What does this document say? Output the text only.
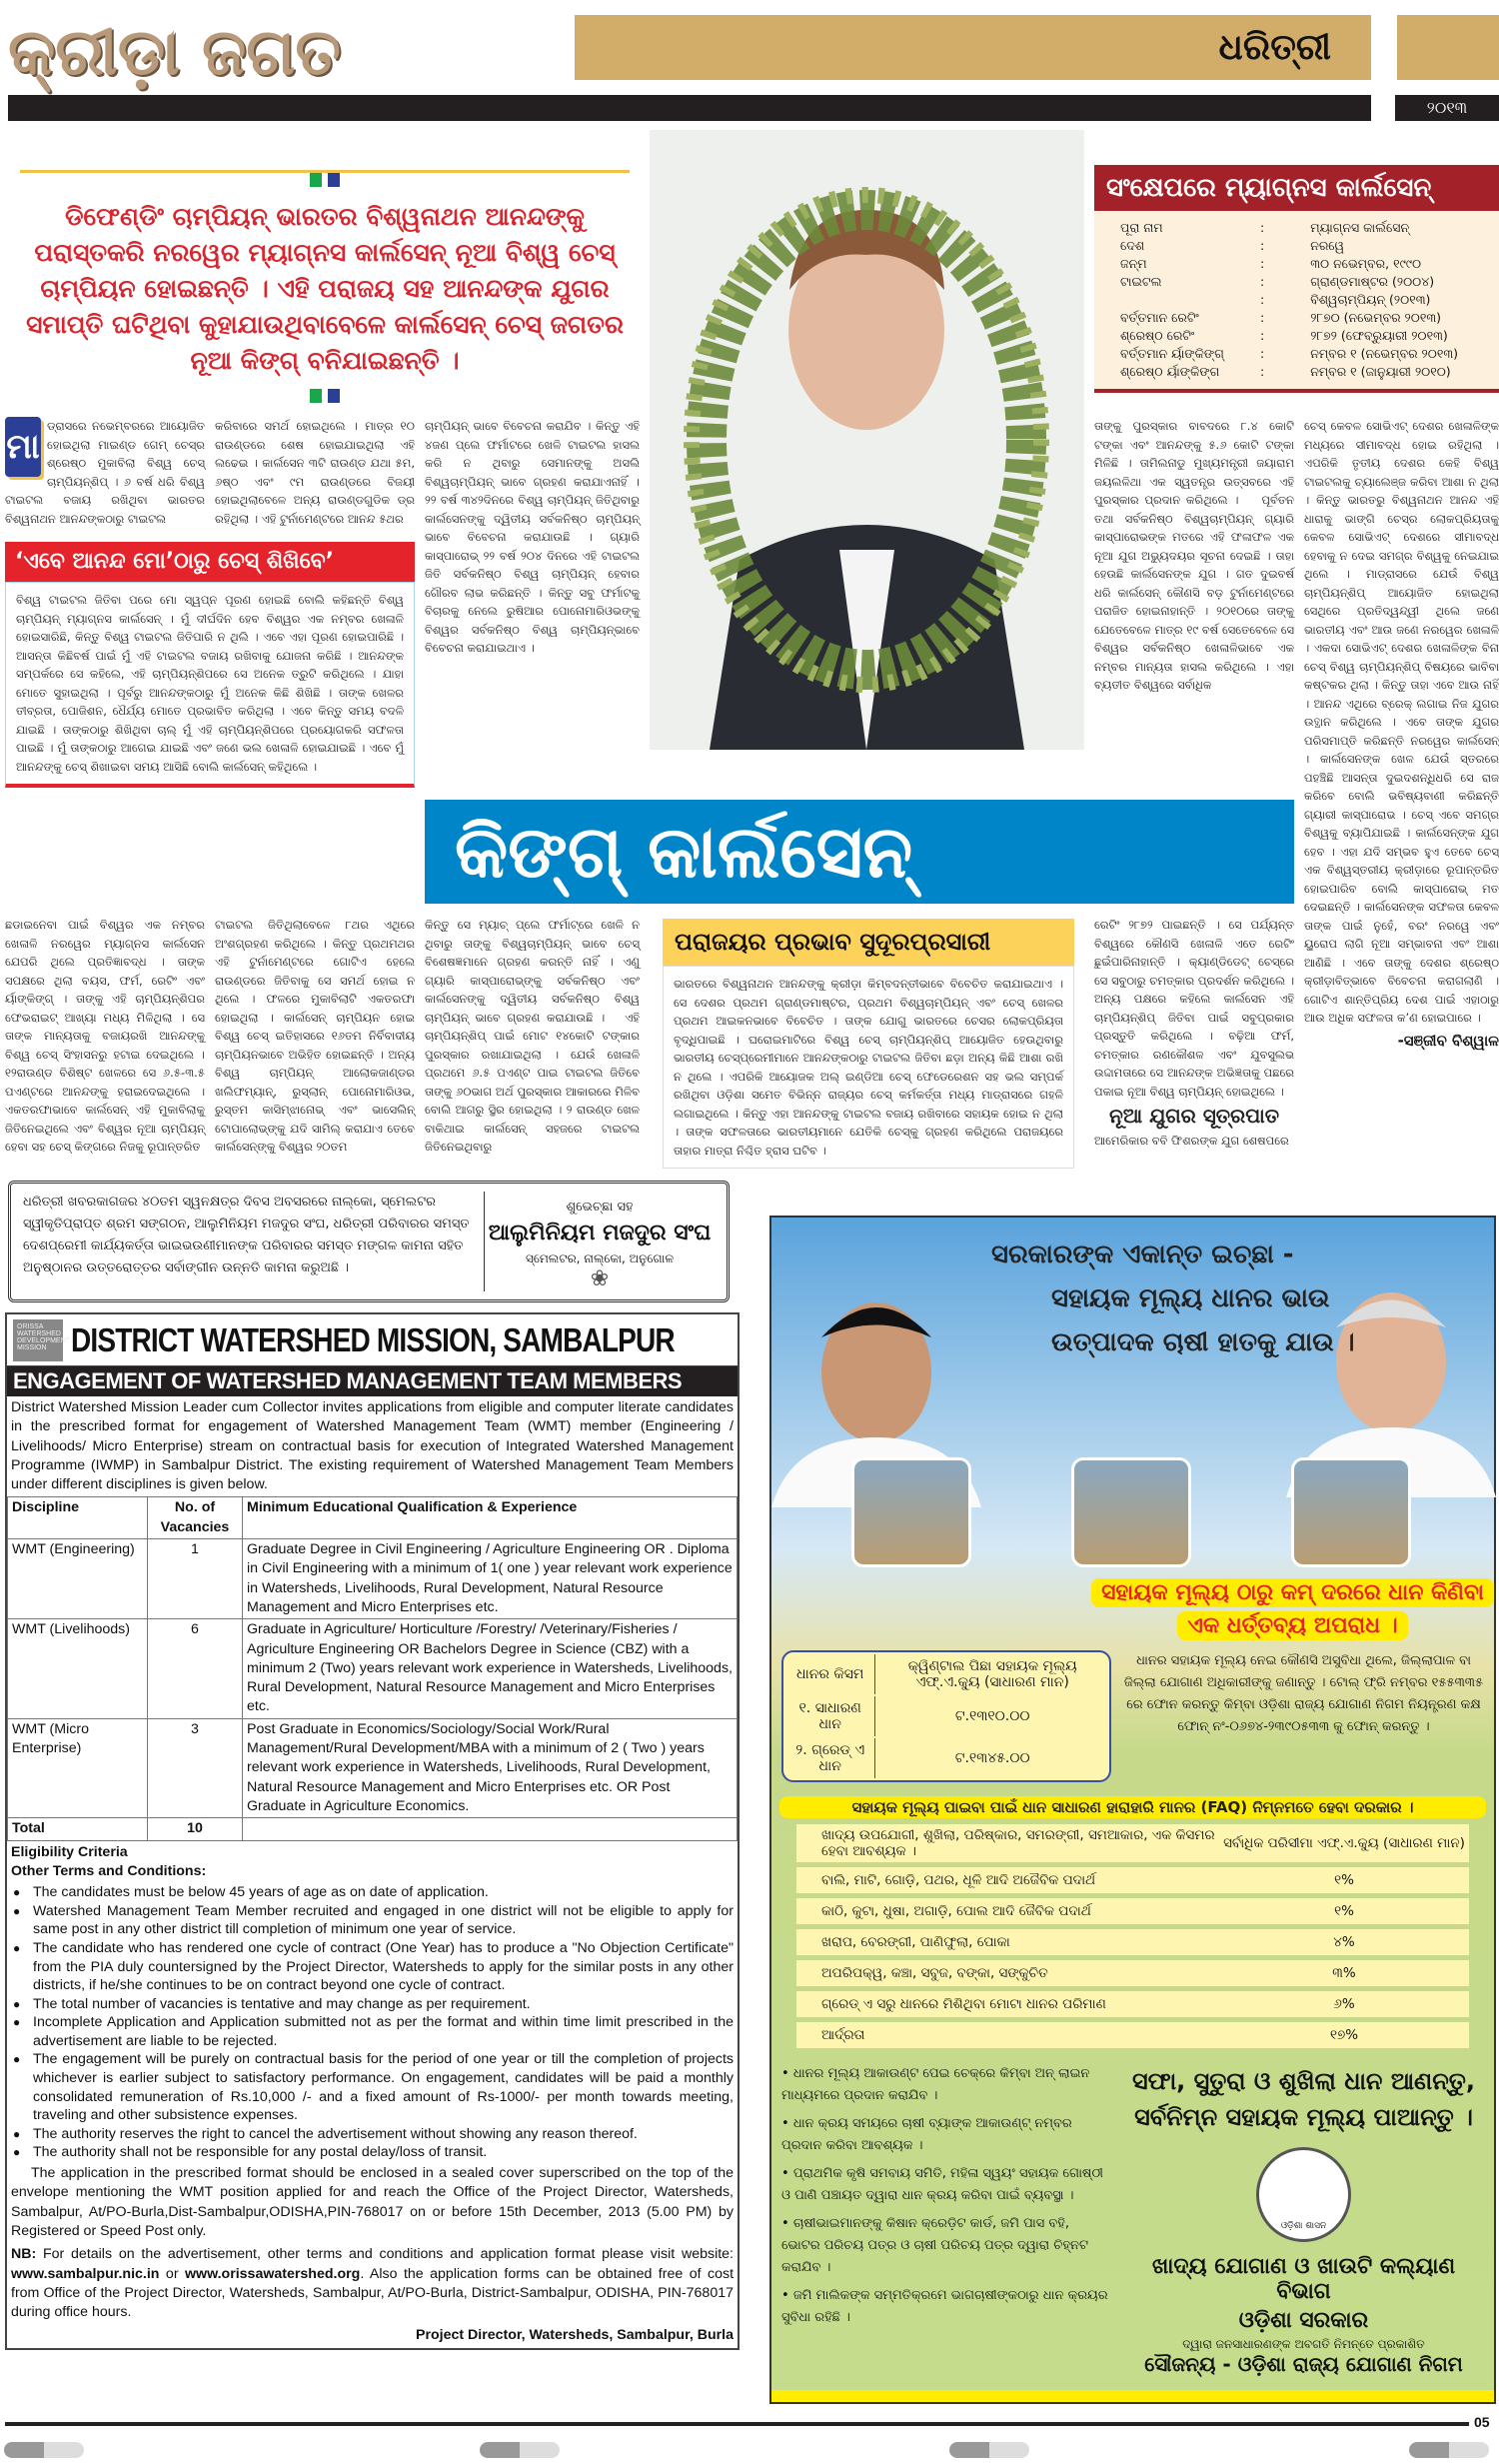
କ୍ରୀଡ଼ା ଜଗତ	ଧରିତ୍ରୀ
୨୦୧୩

ଡିଫେଣ୍ଡିଂ ଚାମ୍ପିୟନ୍ ଭାରତର ବିଶ୍ୱନାଥନ ଆନନ୍ଦଙ୍କୁ ପରାସ୍ତକରି ନରୱେର ମ୍ୟାଗ୍ନସ କାର୍ଲସେନ୍ ନୂଆ ବିଶ୍ୱ ଚେସ୍ ଚାମ୍ପିୟନ ହୋଇଛନ୍ତି । ଏହି ପରାଜୟ ସହ ଆନନ୍ଦଙ୍କ ଯୁଗର ସମାପ୍ତି ଘଟିଥିବା କୁହାଯାଉଥିବାବେଳେ କାର୍ଲସେନ୍ ଚେସ୍ ଜଗତର ନୂଆ କିଙ୍ଗ୍ ବନିଯାଇଛନ୍ତି ।

ସଂକ୍ଷେପରେ ମ୍ୟାଗ୍ନସ କାର୍ଲସେନ୍
ପୂରା ନାମ	:	ମ୍ୟାଗ୍ନସ କାର୍ଲସେନ୍
ଦେଶ	:	ନରୱେ
ଜନ୍ମ	:	୩୦ ନଭେମ୍ବର, ୧୯୯୦
ଟାଇଟଲ	:	ଗ୍ରାଣ୍ଡମାଷ୍ଟର (୨୦୦୪)
	:	ବିଶ୍ୱଚାମ୍ପିୟନ୍ (୨୦୧୩)
ବର୍ତ୍ତମାନ ରେଟିଂ	:	୨୮୭୦ (ନଭେମ୍ବର ୨୦୧୩)
ଶ୍ରେଷ୍ଠ ରେଟିଂ	:	୨୮୭୨ (ଫେବ୍ରୁୟାରୀ ୨୦୧୩)
ବର୍ତ୍ତମାନ ର୍ୟାଙ୍କିଙ୍ଗ୍	:	ନମ୍ବର ୧ (ନଭେମ୍ବର ୨୦୧୩)
ଶ୍ରେଷ୍ଠ ର୍ୟାଙ୍କିଙ୍ଗ	:	ନମ୍ବର ୧ (ଜାନୁୟାରୀ ୨୦୧୦)
ମା
ଡ୍ରାସରେ ନଭେମ୍ବରରେ ଆୟୋଜିତ ହୋଇଥିଲା ମାଇଣ୍ଡ ଗେମ୍ ଚେସ୍‌ର ଶ୍ରେଷ୍ଠ ମୁକାବିଲା ବିଶ୍ୱ ଚେସ୍ ଚାମ୍ପିୟନ୍‌ଶିପ୍ । ୬ ବର୍ଷ ଧରି ବିଶ୍ୱ ଟାଇଟଲ ବଜାୟ ରଖିଥିବା ଭାରତର ବିଶ୍ୱନାଥନ ଆନନ୍ଦଙ୍କଠାରୁ ଟାଇଟଲ
କରିବାରେ ସମର୍ଥ ହୋଇଥିଲେ । ମାତ୍ର ୧୦ ରାଉଣ୍ଡରେ ଶେଷ ହୋଇଯାଇଥିଲା ଏହି ଲଢେଇ । କାର୍ଲସେନ ୩ଟି ରାଉଣ୍ଡ ଯଥା ୫ମ, ୬ଷ୍ଠ ଏବଂ ୯ମ ରାଉଣ୍ଡରେ ବିଜୟୀ ହୋଇଥିଲାବେଳେ ଅନ୍ୟ ରାଉଣ୍ଡଗୁଡିକ ଡ୍ର ରହିଥିଲା । ଏହି ଟୁର୍ନାମେଣ୍ଟରେ ଆନନ୍ଦ ୫ଥର
‘ଏବେ ଆନନ୍ଦ ମୋ’ଠାରୁ ଚେସ୍ ଶିଖିବେ’
ବିଶ୍ୱ ଟାଇଟଲ ଜିତିବା ପରେ ମୋ ସ୍ୱପ୍ନ ପୂରଣ ହୋଇଛି ବୋଲି କହିଛନ୍ତି ବିଶ୍ୱ ଚାମ୍ପିୟନ୍ ମ୍ୟାଗ୍ନସ କାର୍ଲସେନ୍ । ମୁଁ ଦୀର୍ଘଦିନ ହେବ ବିଶ୍ୱର ଏକ ନମ୍ବର ଖେଳାଳି ହୋଇସାରିଛି, କିନ୍ତୁ ବିଶ୍ୱ ଟାଇଟଲ ଜିତିପାରି ନ ଥିଲି । ଏବେ ଏହା ପୂରଣ ହୋଇପାରିଛି । ଆସନ୍ତା କିଛିବର୍ଷ ପାଇଁ ମୁଁ ଏହି ଟାଇଟଲ ବଜାୟ ରଖିବାକୁ ଯୋଜନା କରିଛି । ଆନନ୍ଦଙ୍କ ସମ୍ପର୍କରେ ସେ କହିଲେ, ଏହି ଚାମ୍ପିୟନ୍‌ଶିପରେ ସେ ଅନେକ ତ୍ରୁଟି କରିଥିଲେ । ଯାହା ମୋତେ ସୁହାଇଥିଲା । ପୂର୍ବରୁ ଆନନ୍ଦଙ୍କଠାରୁ ମୁଁ ଅନେକ କିଛି ଶିଖିଛି । ତାଙ୍କ ଖେଳର ତୀବ୍ରତା, ପୋଜିଶନ, ଧୈର୍ଯ୍ୟ ମୋତେ ପ୍ରଭାବିତ କରିଥିଲା । ଏବେ କିନ୍ତୁ ସମୟ ବଦଳି ଯାଇଛି । ତାଙ୍କଠାରୁ ଶିଖିଥିବା ଚାଲ୍ ମୁଁ ଏହି ଚାମ୍ପିୟନ୍‌ଶିପରେ ପ୍ରୟୋଗକରି ସଫଳତା ପାଇଛି । ମୁଁ ତାଙ୍କଠାରୁ ଆଗେଇ ଯାଇଛି ଏବଂ ଜଣେ ଭଲ ଖେଳାଳି ହୋଇଯାଇଛି । ଏବେ ମୁଁ ଆନନ୍ଦଙ୍କୁ ଚେସ୍ ଶିଖାଇବା ସମୟ ଆସିଛି ବୋଲି କାର୍ଲସେନ୍ କହିଥିଲେ ।
ଚାମ୍ପିୟନ୍ ଭାବେ ବିବେଚନା କରାଯିବ । କିନ୍ତୁ ଏହି ୪ଜଣ ପ୍ଲେ ଫର୍ମାଟରେ ଖେଳି ଟାଇଟଲ ହାସଲ କରି ନ ଥିବାରୁ ସେମାନଙ୍କୁ ଅସଲି ବିଶ୍ୱଚାମ୍ପିୟନ୍ ଭାବେ ଗ୍ରହଣ କରାଯାଏନାହିଁ । ୨୨ ବର୍ଷ ୩୪୨ଦିନରେ ବିଶ୍ୱ ଚାମ୍ପିୟନ୍ ଜିତିଥିବାରୁ କାର୍ଲସେନଙ୍କୁ ଦ୍ୱିତୀୟ ସର୍ବକନିଷ୍ଠ ଚାମ୍ପିୟନ୍ ଭାବେ ବିବେଚନା କରାଯାଉଛି । ଗ୍ୟାରି କାସ୍ପାରୋଭ୍ ୨୨ ବର୍ଷ ୨୦୪ ଦିନରେ ଏହି ଟାଇଟଲ ଜିତି ସର୍ବକନିଷ୍ଠ ବିଶ୍ୱ ଚାମ୍ପିୟନ୍ ହେବାର ଗୌରବ ଲାଭ କରିଛନ୍ତି । କିନ୍ତୁ ସବୁ ଫର୍ମାଟକୁ ବିଚାରକୁ ନେଲେ ରୁଷିଆର ପୋନୋମାରିଓଭଙ୍କୁ ବିଶ୍ୱର ସର୍ବକନିଷ୍ଠ ବିଶ୍ୱ ଚାମ୍ପିୟନ୍‌ଭାବେ ବିବେଚନା କରାଯାଇଥାଏ ।
ତାଙ୍କୁ ପୁରସ୍କାର ବାବଦରେ ୮.୪ କୋଟି ଟଙ୍କା ଏବଂ ଆନନ୍ଦଙ୍କୁ ୫.୬ କୋଟି ଟଙ୍କା ମିଳିଛି । ତାମିଲନାଡୁ ମୁଖ୍ୟମନ୍ତ୍ରୀ ଜୟାରାମ ଜୟଲଳିଥା ଏକ ସ୍ୱତନ୍ତ୍ର ଉତ୍ସବରେ ଏହି ପୁରସ୍କାର ପ୍ରଦାନ କରିଥିଲେ ।    ପୂର୍ବତନ ତଥା ସର୍ବକନିଷ୍ଠ ବିଶ୍ୱଚାମ୍ପିୟନ୍ ଗ୍ୟାରି କାସ୍ପାରୋଭଙ୍କ ମତରେ ଏହି ଫଳାଫଳ ଏକ ନୂଆ ଯୁଗ ଅଭ୍ୟୁଦୟର ସୂଚନା ଦେଇଛି । ତାହା ହେଉଛି କାର୍ଲସେନଙ୍କ ଯୁଗ । ଗତ ଦୁଇବର୍ଷ ଧରି କାର୍ଲସେନ୍ କୌଣସି ବଡ଼ ଟୁର୍ନାମେଣ୍ଟରେ ପରାଜିତ ହୋଇନାହାନ୍ତି । ୨୦୧୦ରେ ତାଙ୍କୁ ଯେତେବେଳେ ମାତ୍ର ୧୯ ବର୍ଷ ସେତେବେଳେ ସେ ବିଶ୍ୱର ସର୍ବକନିଷ୍ଠ ଖେଳାଳିଭାବେ ଏକ ନମ୍ବର ମାନ୍ୟତା ହାସଲ କରିଥିଲେ । ଏହା ବ୍ୟତୀତ ବିଶ୍ୱରେ ସର୍ବାଧିକ
ଚେସ୍ କେବଳ ସୋଭିଏଟ୍ ଦେଶର ଖେଳାଳିଙ୍କ ମଧ୍ୟରେ ସୀମାବଦ୍ଧ ହୋଇ ରହିଥିଲା । ଏପରିକି ତୃତୀୟ ଦେଶର କେହି ବିଶ୍ୱ ଟାଇଟଲକୁ ଚ୍ୟାଲେଞ୍ଜ କରିବା ଆଶା ନ ଥିଲା । କିନ୍ତୁ ଭାରତରୁ ବିଶ୍ୱନାଥନ ଆନନ୍ଦ ଏହି ଧାରାକୁ ଭାଙ୍ଗି ଚେସ୍‌ର ଲୋକପ୍ରିୟତାକୁ କେବଳ ସୋଭିଏଟ୍ ଦେଶରେ ସୀମାବଦ୍ଧ ହେବାକୁ ନ ଦେଇ ସମଗ୍ର ବିଶ୍ୱକୁ ନେଇଯାଇ ଥିଲେ । ମାଡ୍ରାସରେ ଯେଉଁ ବିଶ୍ୱ ଚାମ୍ପିୟନ୍‌ଶିପ୍ ଆୟୋଜିତ ହୋଇଥିଲା ସେଥିରେ ପ୍ରତିଦ୍ୱନ୍ଦ୍ୱୀ ଥିଲେ ଜଣେ ଭାରତୀୟ ଏବଂ ଆଉ ଜଣେ ନରୱେର ଖେଳାଳି । ଏକଦା ସୋଭିଏଟ୍ ଦେଶର ଖେଳାଳିଙ୍କ ବିନା ଚେସ୍ ବିଶ୍ୱ ଚାମ୍ପିୟନ୍‌ଶିପ୍ ବିଷୟରେ ଭାବିବା କଷ୍ଟକର ଥିଲା । କିନ୍ତୁ ତାହା ଏବେ ଆଉ ନାହିଁ । ଆନନ୍ଦ ଏଥିରେ ବ୍ରେକ୍ ଲଗାଇ ନିଜ ଯୁଗର ଉତ୍ଥାନ କରିଥିଲେ । ଏବେ ତାଙ୍କ ଯୁଗର ପରିସମାପ୍ତି କରିଛନ୍ତି ନରୱେର କାର୍ଲସେନ୍ । କାର୍ଲସେନଙ୍କ ଖେଳ ଯେଉଁ ସ୍ତରରେ ପହଞ୍ଚିଛି ଆସନ୍ତା ଦୁଇଦଶନ୍ଧିଧରି ସେ ରାଜ କରିବେ ବୋଲି ଭବିଷ୍ୟବାଣୀ କରିଛନ୍ତି ଗ୍ୟାରୀ କାସ୍ପାରୋଭ । ଚେସ୍ ଏବେ ସମଗ୍ର ବିଶ୍ୱକୁ ବ୍ୟାପିଯାଇଛି । କାର୍ଲସେନ୍‌ଙ୍କ ଯୁଗ ହେବ । ଏହା ଯଦି ସମ୍ଭବ ହୁଏ ତେବେ ଚେସ୍ ଏକ ବିଶ୍ୱସ୍ତରୀୟ କ୍ରୀଡ଼ାରେ ରୂପାନ୍ତରିତ ହୋଇପାରିବ ବୋଲି କାସ୍ପାରୋଭ୍ ମତ ଦେଇଛନ୍ତି । କାର୍ଲସେନଙ୍କ ସଫଳତା କେବଳ ତାଙ୍କ ପାଇଁ ନୁହେଁ, ବରଂ ନରୱେ ଏବଂ ୟୁରୋପ ଲାଗି ନୂଆ ସମ୍ଭାବନା ଏବଂ ଆଶା ଆଣିଛି । ଏବେ ତାଙ୍କୁ ଦେଶର ଶ୍ରେଷ୍ଠ କ୍ରୀଡ଼ାବିତ୍‌ଭାବେ ବିବେଚନା କରାଗଲାଣି । ଗୋଟିଏ ଶାନ୍ତିପ୍ରିୟ ଦେଶ ପାଇଁ ଏହାଠାରୁ ଆଉ ଅଧିକ ସଫଳତା କ’ଣ ହୋଇପାରେ ।
-ସଞ୍ଜୀବ ବିଶ୍ୱାଳ
କିଙ୍ଗ୍ କାର୍ଲସେନ୍
ଛଡାଇନେବା ପାଇଁ ବିଶ୍ୱର ଏକ ନମ୍ବର ଖେଳାଳି ନରୱେର ମ୍ୟାଗ୍ନସ କାର୍ଲସେନ ଯେପରି ଥିଲେ ପ୍ରତିଜ୍ଞାବଦ୍ଧ । ତାଙ୍କ ସପକ୍ଷରେ ଥିଲା ବୟସ, ଫର୍ମ, ରେଟିଂ ଏବଂ ର୍ୟାଙ୍କିଙ୍ଗ୍ । ତାଙ୍କୁ ଏହି ଚାମ୍ପିୟନ୍‌ଶିପର ଫେଭରାଇଟ୍ ଆଖ୍ୟା ମଧ୍ୟ ମିଳିଥିଲା । ସେ ତାଙ୍କ ମାନ୍ୟତାକୁ ବଜାୟରଖି ଆନନ୍ଦଙ୍କୁ ବିଶ୍ୱ ଚେସ୍ ସିଂହାସନରୁ ହଟାଇ ଦେଇଥିଲେ । ୧୨ରାଉଣ୍ଡ ବିଶିଷ୍ଟ ଖେଳରେ ସେ ୬.୫-୩.୫ ପଏଣ୍ଟରେ ଆନନ୍ଦଙ୍କୁ ହରାଇଦେଇଥିଲେ । ଏକତରଫାଭାବେ କାର୍ଲସେନ୍ ଏହି ମୁକାବିଲାକୁ ଜିତିନେଇଥିଲେ ଏବଂ ବିଶ୍ୱର ନୂଆ ଚାମ୍ପିୟନ୍ ହେବା ସହ ଚେସ୍ କିଙ୍ଗରେ ନିଜକୁ ରୂପାନ୍ତରିତ
ଟାଇଟଲ ଜିତିଥିଲାବେଳେ ୮ଥର ଏଥିରେ ଅଂଶଗ୍ରହଣ କରିଥିଲେ । କିନ୍ତୁ ପ୍ରଥମଥର ଏହି ଟୁର୍ନାମେଣ୍ଟରେ ଗୋଟିଏ ହେଲେ ରାଉଣ୍ଡରେ ଜିତିବାକୁ ସେ ସମର୍ଥ ହୋଇ ନ ଥିଲେ । ଫଳରେ ମୁକାବିଲାଟି ଏକତରଫା ହୋଇଥିଲା । କାର୍ଲସେନ୍ ଚାମ୍ପିୟନ ହୋଇ ବିଶ୍ୱ ଚେସ୍ ଇତିହାସରେ ୧୬ତମ ନିର୍ବିବାଦୀୟ ଚାମ୍ପିୟନଭାବେ ଅଭିହିତ ହୋଇଛନ୍ତି । ଅନ୍ୟ ବିଶ୍ୱ ଚାମ୍ପିୟନ୍ ଆଲୋକଜାଣ୍ଡର ଖଲିଫମ୍ୟାନ୍, ରୁସ୍ଲାନ୍ ପୋନୋମାରିଓଭ, ରୁସ୍ତମ କାସିମ୍ଝାନୋଭ୍ ଏବଂ ଭାସେଲିନ୍ ଟୋପାଲୋଭ୍‌ଙ୍କୁ ଯଦି ସାମିଲ୍ କରାଯାଏ ତେବେ କାର୍ଲସେନ୍‌ଙ୍କୁ ବିଶ୍ୱର ୨୦ତମ
କିନ୍ତୁ ସେ ମ୍ୟାଚ୍ ପ୍ଲେ ଫର୍ମାଟ୍‌ରେ ଖେଳି ନ ଥିବାରୁ ତାଙ୍କୁ ବିଶ୍ୱଚାମ୍ପିୟନ୍ ଭାବେ ଚେସ୍ ବିଶେଷଜ୍ଞମାନେ ଗ୍ରହଣ କରନ୍ତି ନାହିଁ । ଏଣୁ ଗ୍ୟାରି କାସ୍ପାରୋଭ୍‌ଙ୍କୁ ସର୍ବକନିଷ୍ଠ ଏବଂ କାର୍ଲସେନଙ୍କୁ ଦ୍ୱିତୀୟ ସର୍ବକନିଷ୍ଠ ବିଶ୍ୱ ଚାମ୍ପିୟନ୍ ଭାବେ ଗ୍ରହଣ କରାଯାଉଛି ।   ଏହି ଚାମ୍ପିୟନ୍‌ଶିପ୍ ପାଇଁ ମୋଟ ୧୪କୋଟି ଟଙ୍କାର ପୁରସ୍କାର ରଖାଯାଇଥିଲା । ଯେଉଁ ଖେଳାଳି ପ୍ରଥମେ ୬.୫ ପଏଣ୍ଟ ପାଇ ଟାଇଟଲ ଜିତିବେ ତାଙ୍କୁ ୬୦ଭାଗ ଅର୍ଥ ପୁରସ୍କାର ଆକାରରେ ମିଳିବ ବୋଲି ଆଗରୁ ସ୍ଥିର ହୋଇଥିଲା । ୨ ରାଉଣ୍ଡ ଖେଳ ବାକିଥାଇ କାର୍ଲସେନ୍ ସହଜରେ ଟାଇଟଲ ଜିତିନେଇଥିବାରୁ
ପରାଜୟର ପ୍ରଭାବ ସୁଦୂରପ୍ରସାରୀ
ଭାରତରେ ବିଶ୍ୱନାଥନ ଆନନ୍ଦଙ୍କୁ କ୍ରୀଡ଼ା କିମ୍ବଦନ୍ତୀଭାବେ ବିବେଚିତ କରାଯାଇଥାଏ । ସେ ଦେଶର ପ୍ରଥମ ଗ୍ରାଣ୍ଡମାଷ୍ଟର, ପ୍ରଥମ ବିଶ୍ୱଚାମ୍ପିୟନ୍ ଏବଂ ଚେସ୍ ଖେଳର ପ୍ରଥମ ଆଇକନଭାବେ ବିବେଚିତ । ତାଙ୍କ ଯୋଗୁ ଭାରତରେ ଚେସର ଲୋକପ୍ରିୟତା ବୃଦ୍ଧିପାଇଛି । ଘରୋଇମାଟିରେ ବିଶ୍ୱ ଚେସ୍ ଚାମ୍ପିୟନ୍‌ଶିପ୍ ଆୟୋଜିତ ହେଉଥିବାରୁ ଭାରତୀୟ ଚେସ୍‌ପ୍ରେମୀମାନେ ଆନନ୍ଦଙ୍କଠାରୁ ଟାଇଟଲ ଜିତିବା ଛଡ଼ା ଅନ୍ୟ କିଛି ଆଶା ରଖି ନ ଥିଲେ । ଏପରିକି ଆୟୋଜକ ଅଲ୍ ଇଣ୍ଡିଆ ଚେସ୍ ଫେଡେରେଶନ ସହ ଭଲ ସମ୍ପର୍କ ରଖିଥିବା ଓଡ଼ିଶା ସମେତ ବିଭିନ୍ନ ରାଜ୍ୟର ଚେସ୍ କର୍ମକର୍ତ୍ତା ମଧ୍ୟ ମାଡ୍ରାସରେ ଗହଳି ଲଗାଇଥିଲେ । କିନ୍ତୁ ଏହା ଆନନ୍ଦଙ୍କୁ ଟାଇଟଲ ବଜାୟ ରଖିବାରେ ସହାୟକ ହୋଇ ନ ଥିଲା । ତାଙ୍କ ସଫଳତାରେ ଭାରତୀୟମାନେ ଯେତିକି ଚେସ୍‌କୁ ଗ୍ରହଣ କରିଥିଲେ ପରାଜୟରେ ତାହାର ମାତ୍ରା ନିଶ୍ଚିତ ହ୍ରାସ ଘଟିବ ।
ରେଟିଂ ୨୮୭୨ ପାଇଛନ୍ତି । ସେ ପର୍ଯ୍ୟନ୍ତ ବିଶ୍ୱରେ କୌଣସି ଖେଳାଳି ଏତେ ରେଟିଂ ଛୁଇଁପାରିନାହାନ୍ତି । କ୍ୟାଣ୍ଡିଡେଟ୍ ଚେସ୍‌ରେ ସେ ସବୁଠାରୁ ଚମତ୍କାର ପ୍ରଦର୍ଶନ କରିଥିଲେ । ଅନ୍ୟ ପକ୍ଷରେ କହିଲେ କାର୍ଲସେନ ଏହି ଚାମ୍ପିୟନ୍‌ଶିପ୍ ଜିତିବା ପାଇଁ ସବୁପ୍ରକାର ପ୍ରସ୍ତୁତି କରିଥିଲେ । ବଢ଼ିଆ ଫର୍ମ, ଚମତ୍କାର ରଣକୌଶଳ ଏବଂ ଯୁବସୁଲଭ ଉଦ୍ଦାମତାରେ ସେ ଆନନ୍ଦଙ୍କ ଅଭିଜ୍ଞତାକୁ ପଛରେ ପକାଇ ନୂଆ ବିଶ୍ୱ ଚାମ୍ପିୟନ୍ ହୋଇଥିଲେ ।
ନୂଆ ଯୁଗର ସୂତ୍ରପାତ
ଆମେରିକାର ବବି ଫିଶରଙ୍କ ଯୁଗ ଶେଷପରେ
ଧରିତ୍ରୀ ଖବରକାଗଜର ୪୦ତମ ସ୍ୱନକ୍ଷତ୍ର ଦିବସ ଅବସରରେ ନାଲ୍‌କୋ, ସ୍ମେଲଟର ସ୍ୱୀକୃତିପ୍ରାପ୍ତ ଶ୍ରମ ସଙ୍ଗଠନ, ଆଲୁମିନିୟମ ମଜଦୁର ସଂଘ, ଧରିତ୍ରୀ ପରିବାରର ସମସ୍ତ ଦେଶପ୍ରେମୀ କାର୍ଯ୍ୟକର୍ତ୍ତା ଭାଇଭଉଣୀମାନଙ୍କ ପରିବାରର ସମସ୍ତ ମଙ୍ଗଳ କାମନା ସହିତ ଅନୁଷ୍ଠାନର ଉତ୍ତରୋତ୍ତର ସର୍ବାଙ୍ଗୀନ ଉନ୍ନତି କାମନା କରୁଅଛି ।
ଶୁଭେଚ୍ଛା ସହ
ଆଲୁମିନିୟମ ମଜଦୁର ସଂଘ
ସ୍ମେଲଟର, ନାଲ୍‌କୋ, ଅନୁଗୋଳ
❀
ORISSA WATERSHED DEVELOPMENT MISSION DISTRICT WATERSHED MISSION, SAMBALPUR
ENGAGEMENT OF WATERSHED MANAGEMENT TEAM MEMBERS
District Watershed Mission Leader cum Collector invites applications from eligible and computer literate candidates in the prescribed format for engagement of Watershed Management Team (WMT) member (Engineering / Livelihoods/ Micro Enterprise) stream on contractual basis for execution of Integrated Watershed Management Programme (IWMP) in Sambalpur District. The existing requirement of Watershed Management Team Members under different disciplines is given below.
Discipline	No. of Vacancies	Minimum Educational Qualification & Experience
WMT (Engineering)	1	Graduate Degree in Civil Engineering / Agriculture Engineering OR . Diploma in Civil Engineering with a minimum of 1( one ) year relevant work experience in Watersheds, Livelihoods, Rural Development, Natural Resource Management and Micro Enterprises etc.
WMT (Livelihoods)	6	Graduate in Agriculture/ Horticulture /Forestry/ /Veterinary/Fisheries / Agriculture Engineering OR Bachelors Degree in Science (CBZ) with a minimum 2 (Two) years relevant work experience in Watersheds, Livelihoods, Rural Development, Natural Resource Management and Micro Enterprises etc.
WMT (Micro Enterprise)	3	Post Graduate in Economics/Sociology/Social Work/Rural Management/Rural Development/MBA with a minimum of 2 ( Two ) years relevant work experience in Watersheds, Livelihoods, Rural Development, Natural Resource Management and Micro Enterprises etc. OR Post Graduate in Agriculture Economics.
Total	10	
Eligibility Criteria
Other Terms and Conditions:
● The candidates must be below 45 years of age as on date of application.
● Watershed Management Team Member recruited and engaged in one district will not be eligible to apply for same post in any other district till completion of minimum one year of service.
● The candidate who has rendered one cycle of contract (One Year) has to produce a "No Objection Certificate" from the PIA duly countersigned by the Project Director, Watersheds to apply for the similar posts in any other districts, if he/she continues to be on contract beyond one cycle of contract.
● The total number of vacancies is tentative and may change as per requirement.
● Incomplete Application and Application submitted not as per the format and within time limit prescribed in the advertisement are liable to be rejected.
● The engagement will be purely on contractual basis for the period of one year or till the completion of projects whichever is earlier subject to satisfactory performance. On engagement, candidates will be paid a monthly consolidated remuneration of Rs.10,000 /- and a fixed amount of Rs-1000/- per month towards meeting, traveling and other subsistence expenses.
● The authority reserves the right to cancel the advertisement without showing any reason thereof.
● The authority shall not be responsible for any postal delay/loss of transit.
The application in the prescribed format should be enclosed in a sealed cover superscribed on the top of the envelope mentioning the WMT position applied for and reach the Office of the Project Director, Watersheds, Sambalpur, At/PO-Burla,Dist-Sambalpur,ODISHA,PIN-768017 on or before 15th December, 2013 (5.00 PM) by Registered or Speed Post only.
NB: For details on the advertisement, other terms and conditions and application format please visit website: www.sambalpur.nic.in or www.orissawatershed.org. Also the application forms can be obtained free of cost from Office of the Project Director, Watersheds, Sambalpur, At/PO-Burla, District-Sambalpur, ODISHA, PIN-768017 during office hours.
Project Director, Watersheds, Sambalpur, Burla
ସରକାରଙ୍କ ଏକାନ୍ତ ଇଚ୍ଛା -
ସହାୟକ ମୂଲ୍ୟ ଧାନର ଭାଉ
ଉତ୍ପାଦକ ଚାଷୀ ହାତକୁ ଯାଉ ।
ସହାୟକ ମୂଲ୍ୟ ଠାରୁ କମ୍ ଦରରେ ଧାନ କିଣିବା
ଏକ ଧର୍ତ୍ତବ୍ୟ ଅପରାଧ ।
ଧାନର କିସମ	କ୍ୱିଣ୍ଟାଲ ପିଛା ସହାୟକ ମୂଲ୍ୟ ଏଫ୍.ଏ.କ୍ୟୁ (ସାଧାରଣ ମାନ)
୧. ସାଧାରଣ ଧାନ	ଟ.୧୩୧୦.୦୦
୨. ଗ୍ରେଡ୍ ଏ ଧାନ	ଟ.୧୩୪୫.୦୦
ଧାନର ସହାୟକ ମୂଲ୍ୟ ନେଇ କୌଣସି ଅସୁବିଧା ଥିଲେ, ଜିଲ୍ଲାପାଳ ବା ଜିଲ୍ଲା ଯୋଗାଣ ଅଧିକାରୀଙ୍କୁ ଜଣାନ୍ତୁ । ଟୋଲ୍ ଫ୍ରି ନମ୍ବର ୧୫୫୩୩୫ ରେ ଫୋନ କରନ୍ତୁ କିମ୍ବା ଓଡ଼ିଶା ରାଜ୍ୟ ଯୋଗାଣ ନିଗମ ନିୟନ୍ତ୍ରଣ କକ୍ଷ ଫୋନ୍ ନଂ-୦୬୭୪-୨୩୯୦୫୩୩ କୁ ଫୋନ୍ କରନ୍ତୁ ।
ସହାୟକ ମୂଲ୍ୟ ପାଇବା ପାଇଁ ଧାନ ସାଧାରଣ ହାରାହାରି ମାନର (FAQ) ନିମ୍ନମତେ ହେବା ଦରକାର ।
ଖାଦ୍ୟ ଉପଯୋଗୀ, ଶୁଖିଲା, ପରିଷ୍କାର, ସମରଙ୍ଗୀ, ସମଆକାର, ଏକ କିସମର ହେବା ଆବଶ୍ୟକ ।	ସର୍ବାଧିକ ପରିସୀମା ଏଫ୍.ଏ.କ୍ୟୁ (ସାଧାରଣ ମାନ)
ବାଲି, ମାଟି, ଗୋଡ଼ି, ପଥର, ଧୂଳି ଆଦି ଅଜୈବିକ ପଦାର୍ଥ	୧%
କାଠି, କୁଟା, ଧୁଷା, ଅଗାଡ଼ି, ପୋଲ ଆଦି ଜୈବିକ ପଦାର୍ଥ	୧%
ଖରାପ, ବେରଙ୍ଗୀ, ପାଣିଫୁଲା, ପୋକା	୪%
ଅପରିପକ୍ୱ, କଞ୍ଚା, ସବୁଜ, ବଙ୍କା, ସଙ୍କୁଚିତ	୩%
ଗ୍ରେଡ୍ ଏ ସରୁ ଧାନରେ ମିଶିଥିବା ମୋଟା ଧାନର ପରିମାଣ	୬%
ଆର୍ଦ୍ରତା	୧୭%
• ଧାନର ମୂଲ୍ୟ ଆକାଉଣ୍ଟ ପେଇ ଚେକ୍‌ରେ କିମ୍ବା ଅନ୍ ଲାଇନ ମାଧ୍ୟମରେ ପ୍ରଦାନ କରାଯିବ ।
• ଧାନ କ୍ରୟ ସମୟରେ ଚାଷୀ ବ୍ୟାଙ୍କ ଆକାଉଣ୍ଟ୍ ନମ୍ବର ପ୍ରଦାନ କରିବା ଆବଶ୍ୟକ ।
• ପ୍ରାଥମିକ କୃଷି ସମବାୟ ସମିତି, ମହିଳା ସ୍ୱୟଂ ସହାୟକ ଗୋଷ୍ଠୀ ଓ ପାଣି ପଞ୍ଚାୟତ ଦ୍ୱାରା ଧାନ କ୍ରୟ କରିବା ପାଇଁ ବ୍ୟବସ୍ଥା ।
• ଚାଷୀଭାଇମାନଙ୍କୁ କିଷାନ କ୍ରେଡ଼ିଟ କାର୍ଡ, ଜମି ପାସ ବହି, ଭୋଟର ପରିଚୟ ପତ୍ର ଓ ଚାଷୀ ପରିଚୟ ପତ୍ର ଦ୍ୱାରା ଚିହ୍ନଟ କରାଯିବ ।
• ଜମି ମାଲିକଙ୍କ ସମ୍ମତିକ୍ରମେ ଭାଗଚାଷୀଙ୍କଠାରୁ ଧାନ କ୍ରୟର ସୁବିଧା ରହିଛି ।
ସଫା, ସୁତୁରା ଓ ଶୁଖିଲା ଧାନ ଆଣନ୍ତୁ,
ସର୍ବନିମ୍ନ ସହାୟକ ମୂଲ୍ୟ ପାଆନ୍ତୁ ।
ଓଡ଼ିଶା ଶାସନ
ଖାଦ୍ୟ ଯୋଗାଣ ଓ ଖାଉଟି କଲ୍ୟାଣ ବିଭାଗ
ଓଡ଼ିଶା ସରକାର
ଦ୍ୱାରା ଜନସାଧାରଣଙ୍କ ଅବଗତି ନିମନ୍ତେ ପ୍ରକାଶିତ
ସୌଜନ୍ୟ - ଓଡ଼ିଶା ରାଜ୍ୟ ଯୋଗାଣ ନିଗମ
05
